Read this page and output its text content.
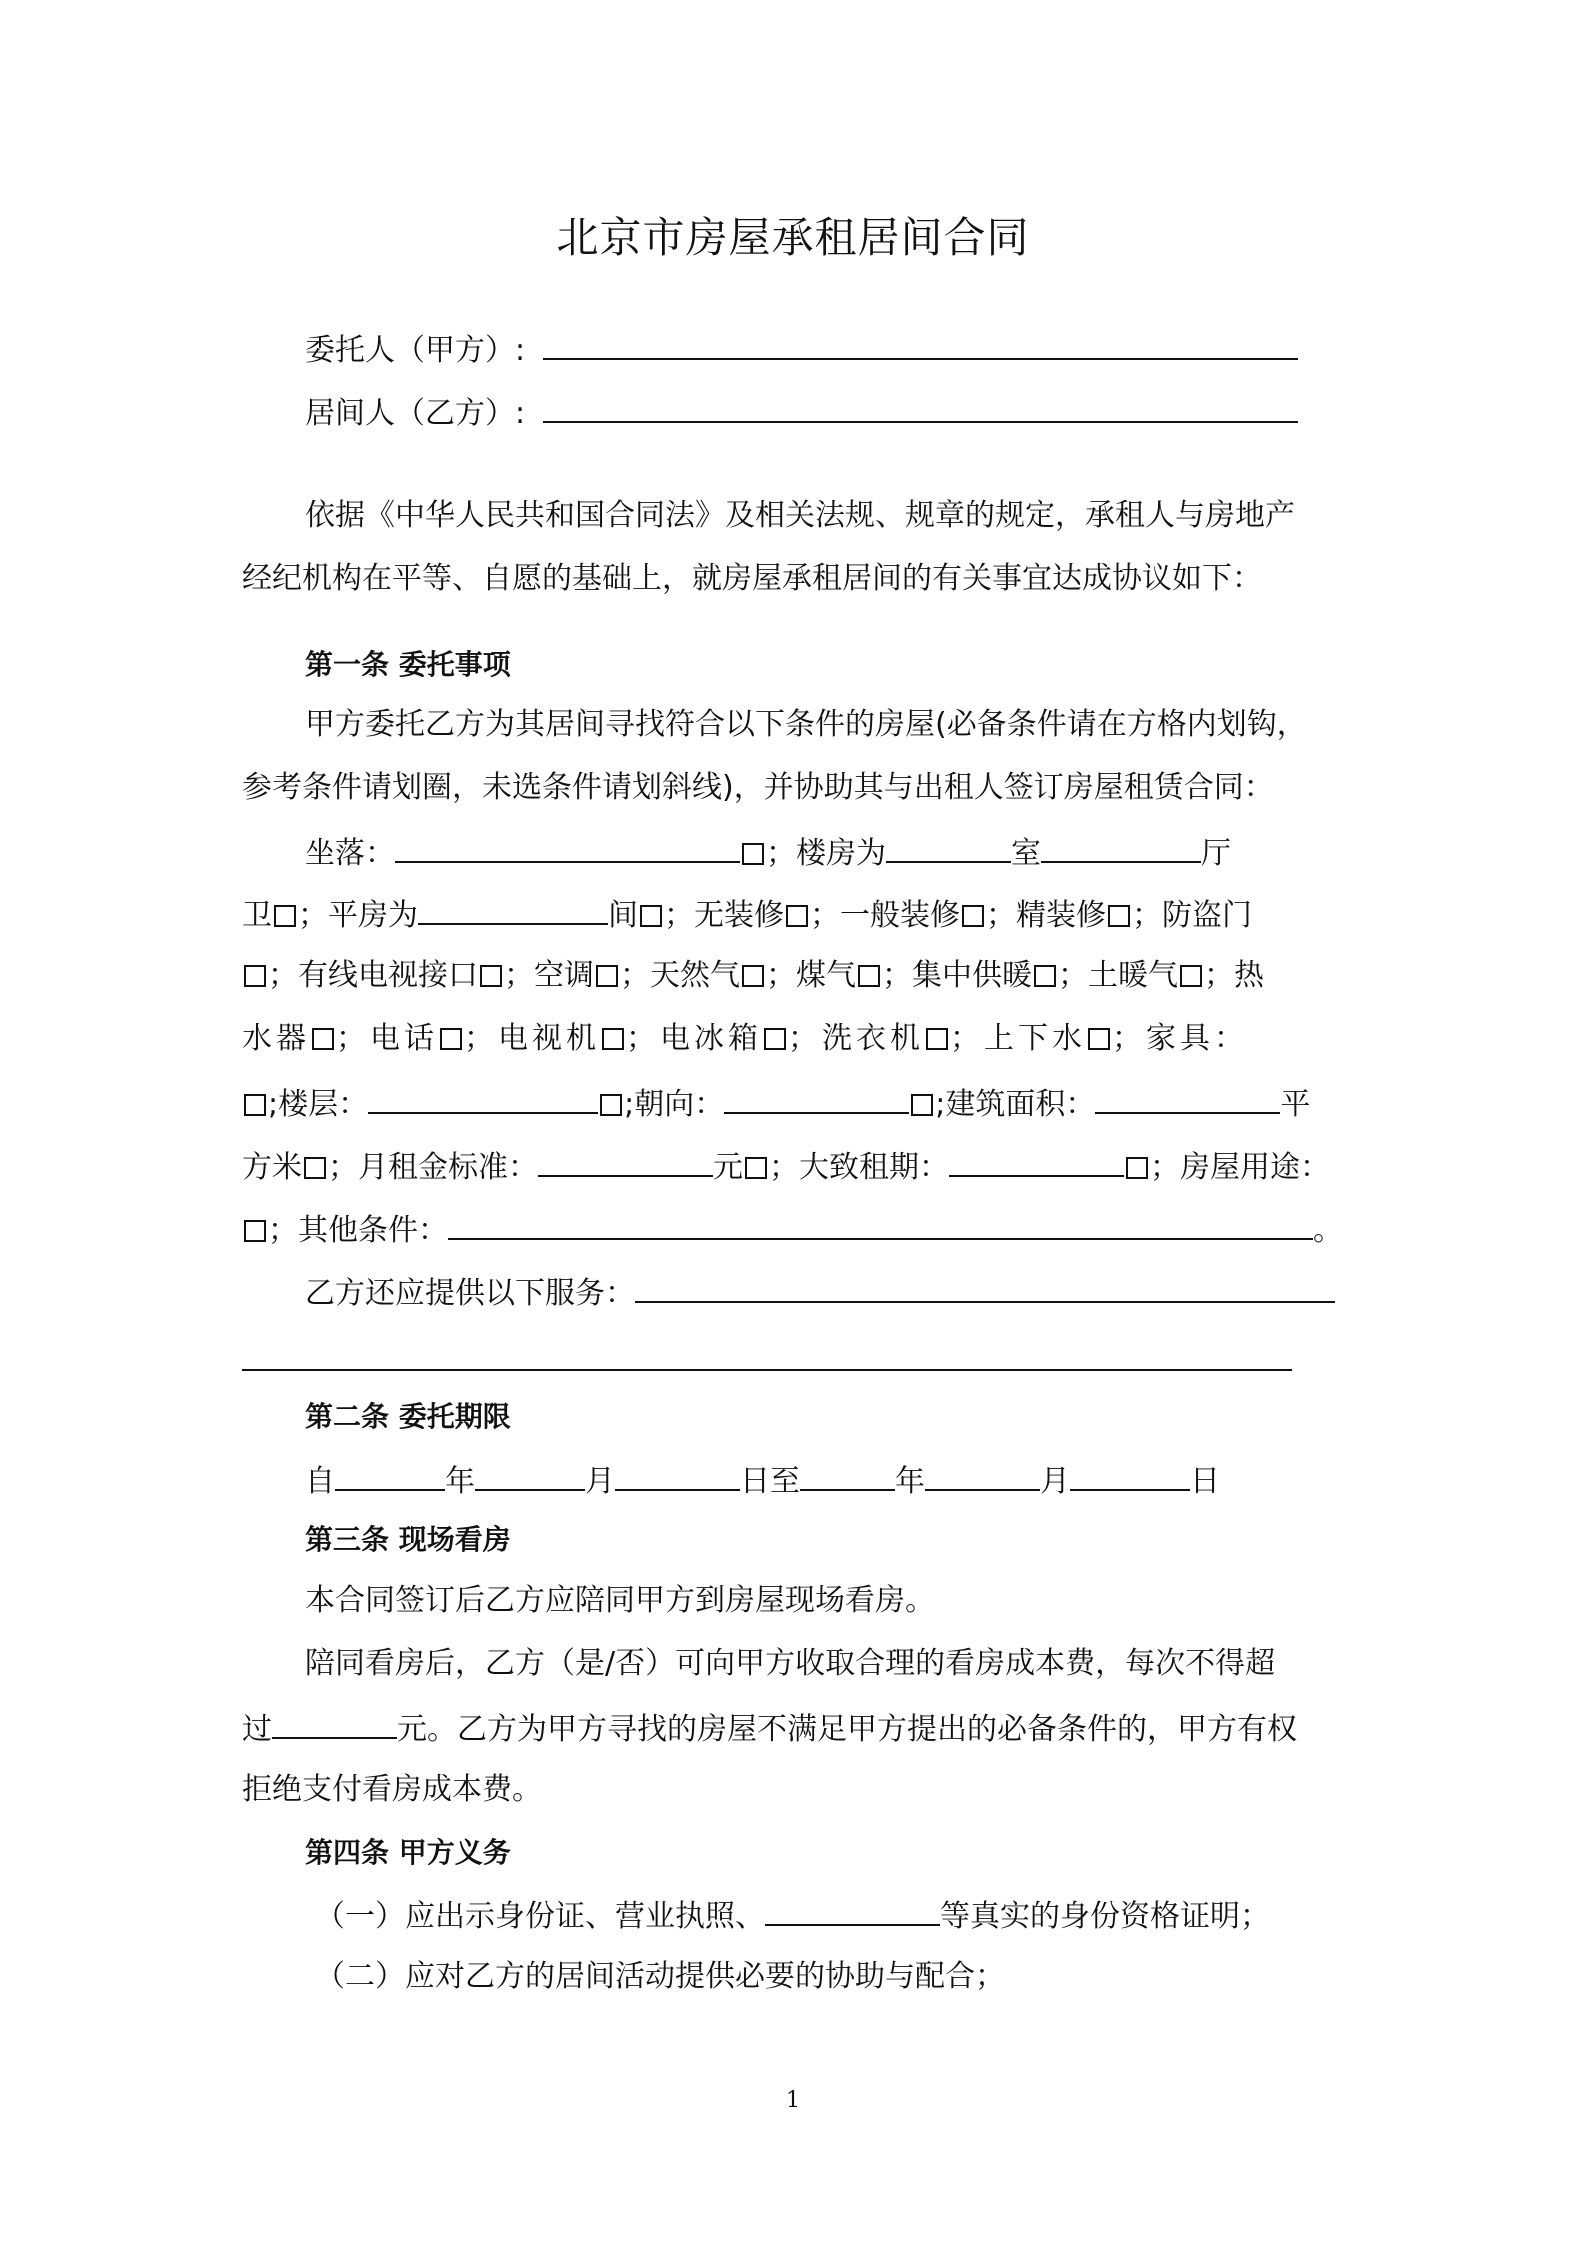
北京市房屋承租居间合同
委托人（甲方）:
居间人（乙方）:
依据《中华人民共和国合同法》及相关法规、规章的规定，承租人与房地产
经纪机构在平等、自愿的基础上，就房屋承租居间的有关事宜达成协议如下：
第一条 委托事项
甲方委托乙方为其居间寻找符合以下条件的房屋(必备条件请在方格内划钩，
参考条件请划圈，未选条件请划斜线)，并协助其与出租人签订房屋租赁合同：
坐落：	；楼房为	室	厅
卫 ；平房为	间 ；无装修 ；一般装修 ；精装修 ；防盗门
；有线电视接口 ；空调 ；天然气 ；煤气 ；集中供暖 ；土暖气 ；热
水器 ；电话 ；电视机 ；电冰箱 ；洗衣机 ；上下水 ；家具：
;楼层：	;朝向：	;建筑面积：	平
方米 ；月租金标准：	元 ；大致租期：	；房屋用途：
；其他条件：	。
乙方还应提供以下服务：
第二条 委托期限
自	年	月	日至	年	月	日
第三条 现场看房
本合同签订后乙方应陪同甲方到房屋现场看房。
陪同看房后，乙方（是/否）可向甲方收取合理的看房成本费，每次不得超
过	元。乙方为甲方寻找的房屋不满足甲方提出的必备条件的，甲方有权
拒绝支付看房成本费。
第四条 甲方义务
（一）应出示身份证、营业执照、	等真实的身份资格证明；
（二）应对乙方的居间活动提供必要的协助与配合；
1
